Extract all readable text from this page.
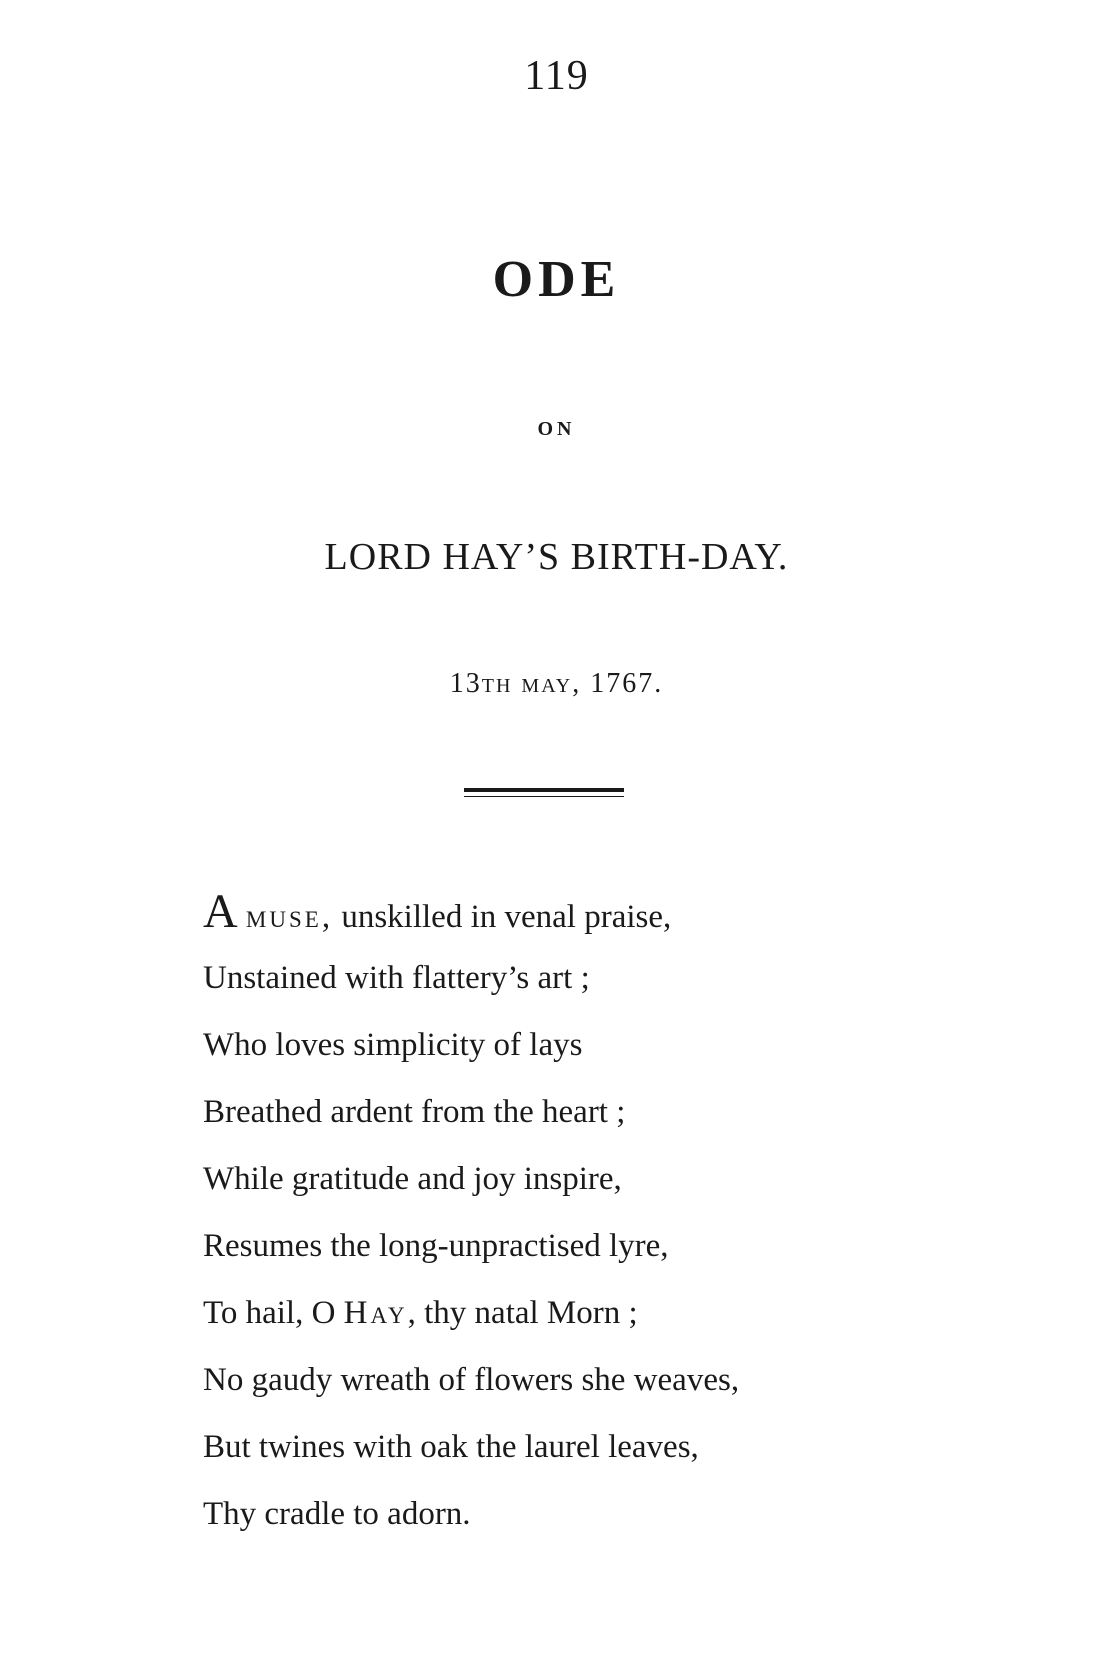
119
ODE
ON
LORD HAY’S BIRTH-DAY.
13th may, 1767.
A muse, unskilled in venal praise,
Unstained with flattery’s art ;
Who loves simplicity of lays
Breathed ardent from the heart ;
While gratitude and joy inspire,
Resumes the long-unpractised lyre,
To hail, O Hay, thy natal Morn ;
No gaudy wreath of flowers she weaves,
But twines with oak the laurel leaves,
Thy cradle to adorn.
